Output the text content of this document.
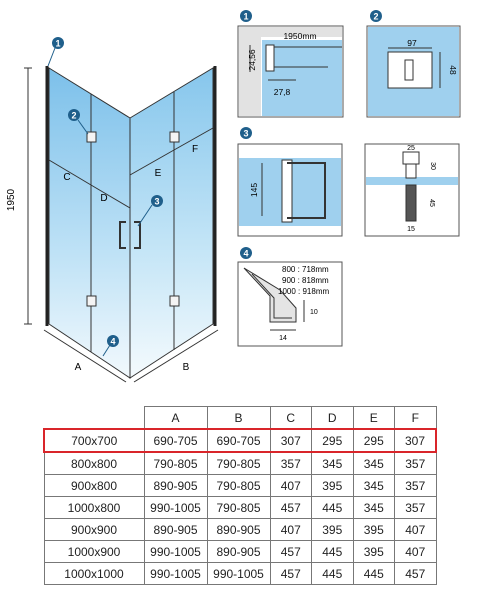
1950
C
D
E
F
A	B
1
2
3
4
1
1950mm
24,56
27,8
2
97
48
3
145
25
30
45
15
4
800 : 718mm
900 : 818mm
1000 : 918mm
10
14
	A	B	C	D	E	F
700x700	690-705	690-705	307	295	295	307
800x800	790-805	790-805	357	345	345	357
900x800	890-905	790-805	407	395	345	357
1000x800	990-1005	790-805	457	445	345	357
900x900	890-905	890-905	407	395	395	407
1000x900	990-1005	890-905	457	445	395	407
1000x1000	990-1005	990-1005	457	445	445	457
